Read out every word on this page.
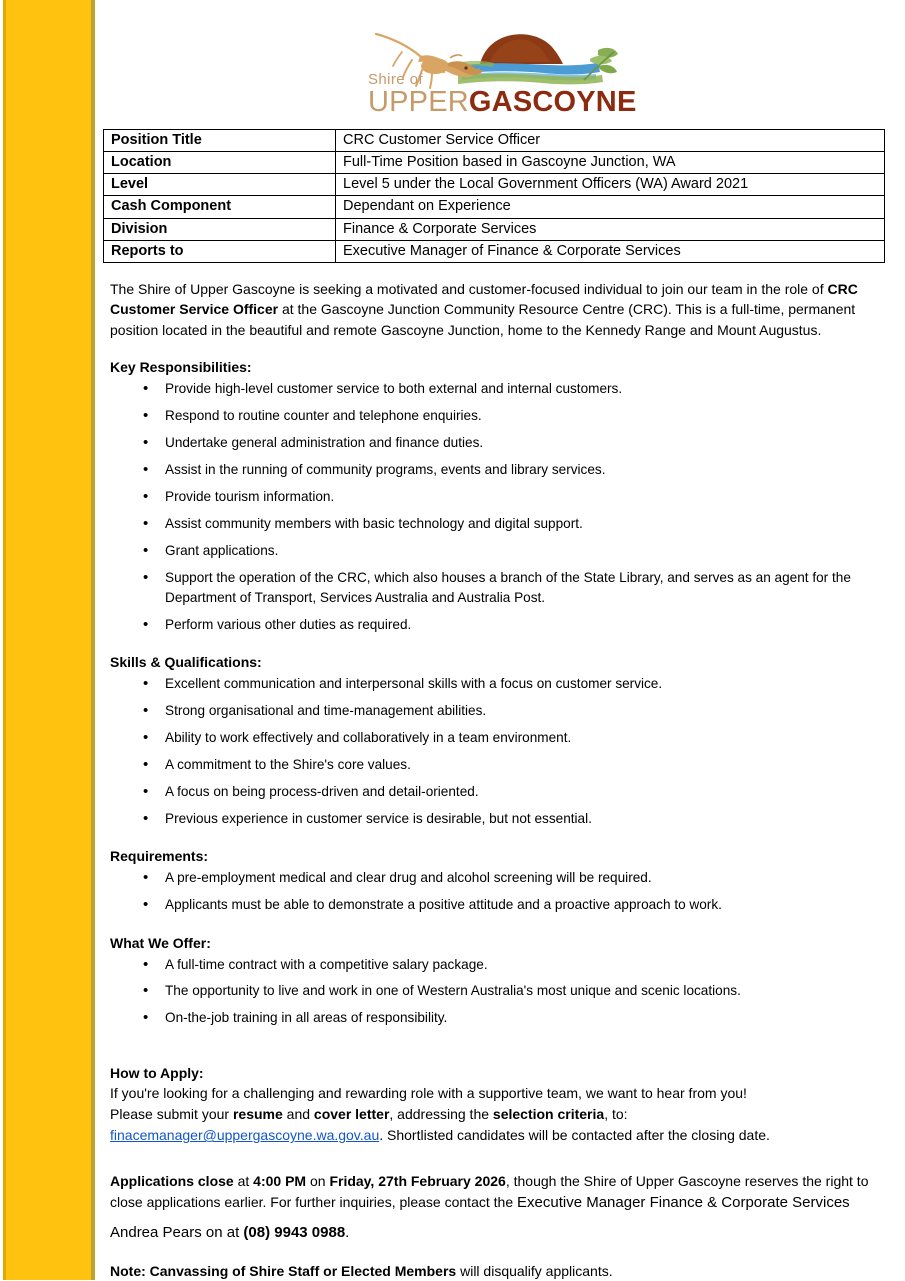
Shire of
UPPERGASCOYNE
Position Title	CRC Customer Service Officer
Location	Full-Time Position based in Gascoyne Junction, WA
Level	Level 5 under the Local Government Officers (WA) Award 2021
Cash Component	Dependant on Experience
Division	Finance & Corporate Services
Reports to	Executive Manager of Finance & Corporate Services

The Shire of Upper Gascoyne is seeking a motivated and customer-focused individual to join our team in the role of CRC Customer Service Officer at the Gascoyne Junction Community Resource Centre (CRC). This is a full-time, permanent position located in the beautiful and remote Gascoyne Junction, home to the Kennedy Range and Mount Augustus.

Key Responsibilities:
• Provide high-level customer service to both external and internal customers.
• Respond to routine counter and telephone enquiries.
• Undertake general administration and finance duties.
• Assist in the running of community programs, events and library services.
• Provide tourism information.
• Assist community members with basic technology and digital support.
• Grant applications.
• Support the operation of the CRC, which also houses a branch of the State Library, and serves as an agent for the Department of Transport, Services Australia and Australia Post.
• Perform various other duties as required.
Skills & Qualifications:
• Excellent communication and interpersonal skills with a focus on customer service.
• Strong organisational and time-management abilities.
• Ability to work effectively and collaboratively in a team environment.
• A commitment to the Shire's core values.
• A focus on being process-driven and detail-oriented.
• Previous experience in customer service is desirable, but not essential.
Requirements:
• A pre-employment medical and clear drug and alcohol screening will be required.
• Applicants must be able to demonstrate a positive attitude and a proactive approach to work.
What We Offer:
• A full-time contract with a competitive salary package.
• The opportunity to live and work in one of Western Australia's most unique and scenic locations.
• On-the-job training in all areas of responsibility.
How to Apply:
If you're looking for a challenging and rewarding role with a supportive team, we want to hear from you!
Please submit your resume and cover letter, addressing the selection criteria, to:
finacemanager@uppergascoyne.wa.gov.au. Shortlisted candidates will be contacted after the closing date.

Applications close at 4:00 PM on Friday, 27th February 2026, though the Shire of Upper Gascoyne reserves the right to close applications earlier. For further inquiries, please contact the Executive Manager Finance & Corporate Services

Andrea Pears on at (08) 9943 0988.

Note: Canvassing of Shire Staff or Elected Members will disqualify applicants.
